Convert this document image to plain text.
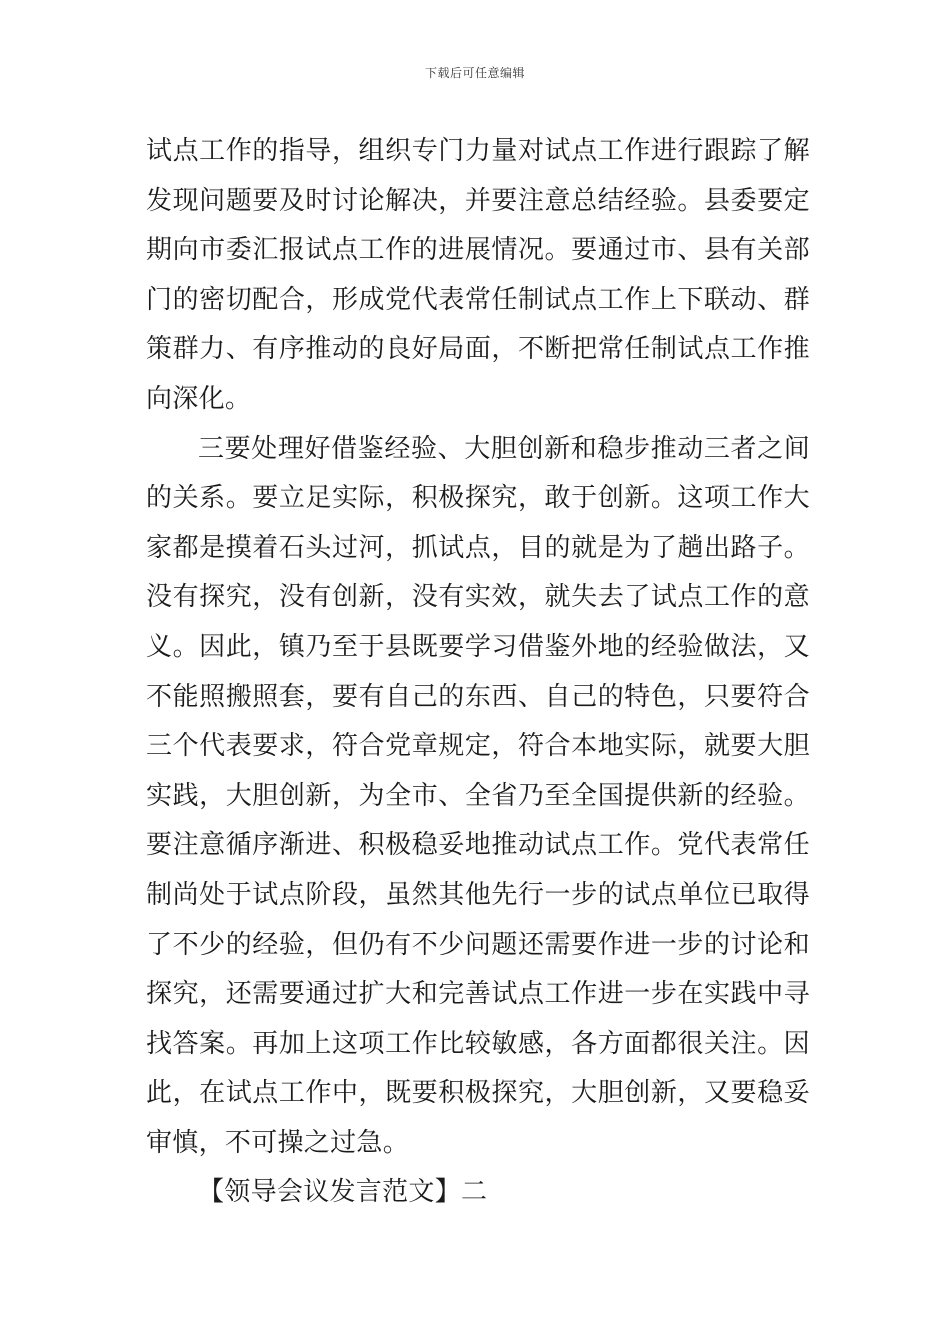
下载后可任意编辑

试点工作的指导，组织专门力量对试点工作进行跟踪了解发现问题要及时讨论解决，并要注意总结经验。县委要定期向市委汇报试点工作的进展情况。要通过市、县有关部门的密切配合，形成党代表常任制试点工作上下联动、群策群力、有序推动的良好局面，不断把常任制试点工作推向深化。

三要处理好借鉴经验、大胆创新和稳步推动三者之间的关系。要立足实际，积极探究，敢于创新。这项工作大家都是摸着石头过河，抓试点，目的就是为了趟出路子。没有探究，没有创新，没有实效，就失去了试点工作的意义。因此，镇乃至于县既要学习借鉴外地的经验做法，又不能照搬照套，要有自己的东西、自己的特色，只要符合三个代表要求，符合党章规定，符合本地实际，就要大胆实践，大胆创新，为全市、全省乃至全国提供新的经验。要注意循序渐进、积极稳妥地推动试点工作。党代表常任制尚处于试点阶段，虽然其他先行一步的试点单位已取得了不少的经验，但仍有不少问题还需要作进一步的讨论和探究，还需要通过扩大和完善试点工作进一步在实践中寻找答案。再加上这项工作比较敏感，各方面都很关注。因此，在试点工作中，既要积极探究，大胆创新，又要稳妥审慎，不可操之过急。

【领导会议发言范文】二
